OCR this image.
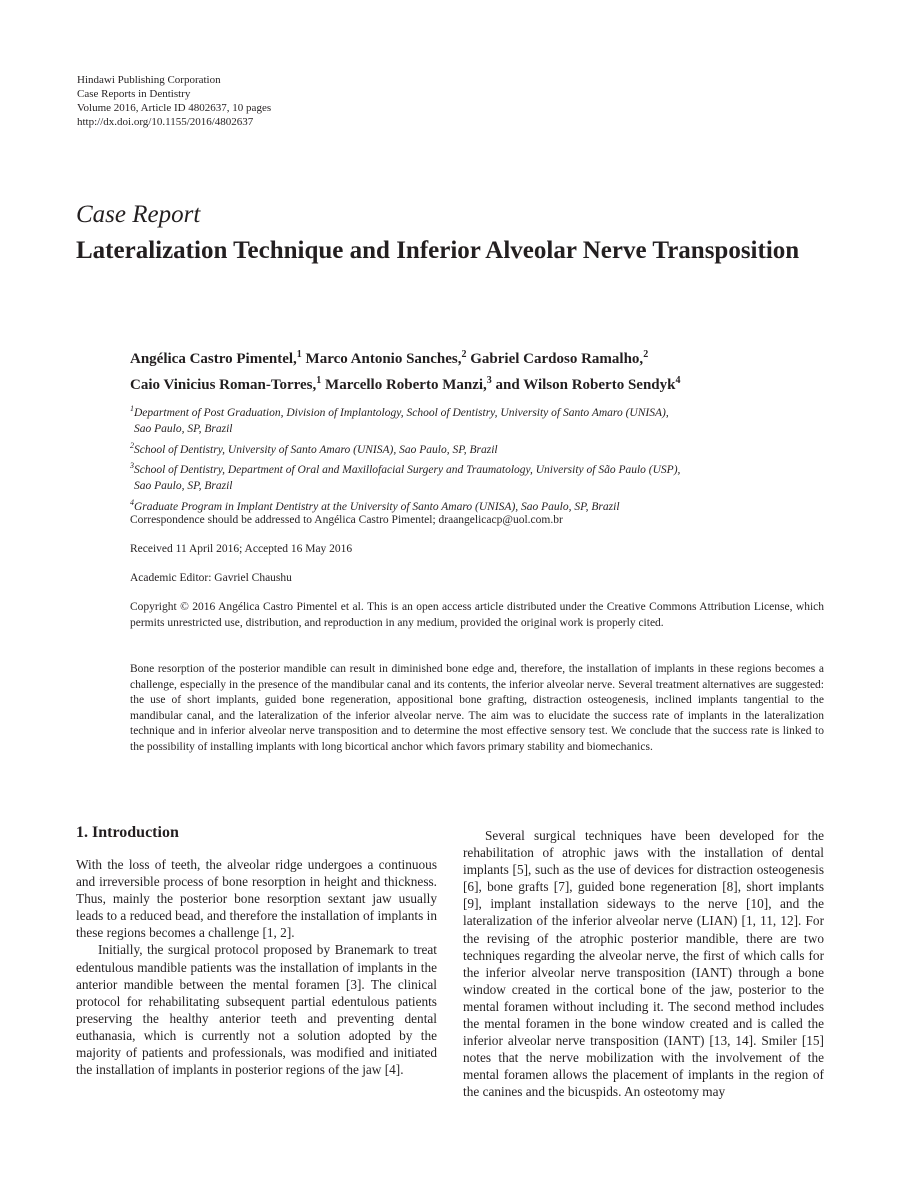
Hindawi Publishing Corporation
Case Reports in Dentistry
Volume 2016, Article ID 4802637, 10 pages
http://dx.doi.org/10.1155/2016/4802637
Case Report
Lateralization Technique and Inferior Alveolar Nerve Transposition
Angélica Castro Pimentel,$^1$ Marco Antonio Sanches,$^2$ Gabriel Cardoso Ramalho,$^2$
Caio Vinicius Roman-Torres,$^1$ Marcello Roberto Manzi,$^3$ and Wilson Roberto Sendyk$^4$
$^1$Department of Post Graduation, Division of Implantology, School of Dentistry, University of Santo Amaro (UNISA),
Sao Paulo, SP, Brazil
$^2$School of Dentistry, University of Santo Amaro (UNISA), Sao Paulo, SP, Brazil
$^3$School of Dentistry, Department of Oral and Maxillofacial Surgery and Traumatology, University of São Paulo (USP),
Sao Paulo, SP, Brazil
$^4$Graduate Program in Implant Dentistry at the University of Santo Amaro (UNISA), Sao Paulo, SP, Brazil
Correspondence should be addressed to Angélica Castro Pimentel; draangelicacp@uol.com.br
Received 11 April 2016; Accepted 16 May 2016
Academic Editor: Gavriel Chaushu
Copyright © 2016 Angélica Castro Pimentel et al. This is an open access article distributed under the Creative Commons Attribution License, which permits unrestricted use, distribution, and reproduction in any medium, provided the original work is properly cited.
Bone resorption of the posterior mandible can result in diminished bone edge and, therefore, the installation of implants in these regions becomes a challenge, especially in the presence of the mandibular canal and its contents, the inferior alveolar nerve. Several treatment alternatives are suggested: the use of short implants, guided bone regeneration, appositional bone grafting, distraction osteogenesis, inclined implants tangential to the mandibular canal, and the lateralization of the inferior alveolar nerve. The aim was to elucidate the success rate of implants in the lateralization technique and in inferior alveolar nerve transposition and to determine the most effective sensory test. We conclude that the success rate is linked to the possibility of installing implants with long bicortical anchor which favors primary stability and biomechanics.
1. Introduction

With the loss of teeth, the alveolar ridge undergoes a continuous and irreversible process of bone resorption in height and thickness. Thus, mainly the posterior bone resorption sextant jaw usually leads to a reduced bead, and therefore the installation of implants in these regions becomes a challenge [1, 2].

Initially, the surgical protocol proposed by Branemark to treat edentulous mandible patients was the installation of implants in the anterior mandible between the mental foramen [3]. The clinical protocol for rehabilitating subsequent partial edentulous patients preserving the healthy anterior teeth and preventing dental euthanasia, which is currently not a solution adopted by the majority of patients and professionals, was modified and initiated the installation of implants in posterior regions of the jaw [4].

Several surgical techniques have been developed for the rehabilitation of atrophic jaws with the installation of dental implants [5], such as the use of devices for distraction osteogenesis [6], bone grafts [7], guided bone regeneration [8], short implants [9], implant installation sideways to the nerve [10], and the lateralization of the inferior alveolar nerve (LIAN) [1, 11, 12]. For the revising of the atrophic posterior mandible, there are two techniques regarding the alveolar nerve, the first of which calls for the inferior alveolar nerve transposition (IANT) through a bone window created in the cortical bone of the jaw, posterior to the mental foramen without including it. The second method includes the mental foramen in the bone window created and is called the inferior alveolar nerve transposition (IANT) [13, 14]. Smiler [15] notes that the nerve mobilization with the involvement of the mental foramen allows the placement of implants in the region of the canines and the bicuspids. An osteotomy may
